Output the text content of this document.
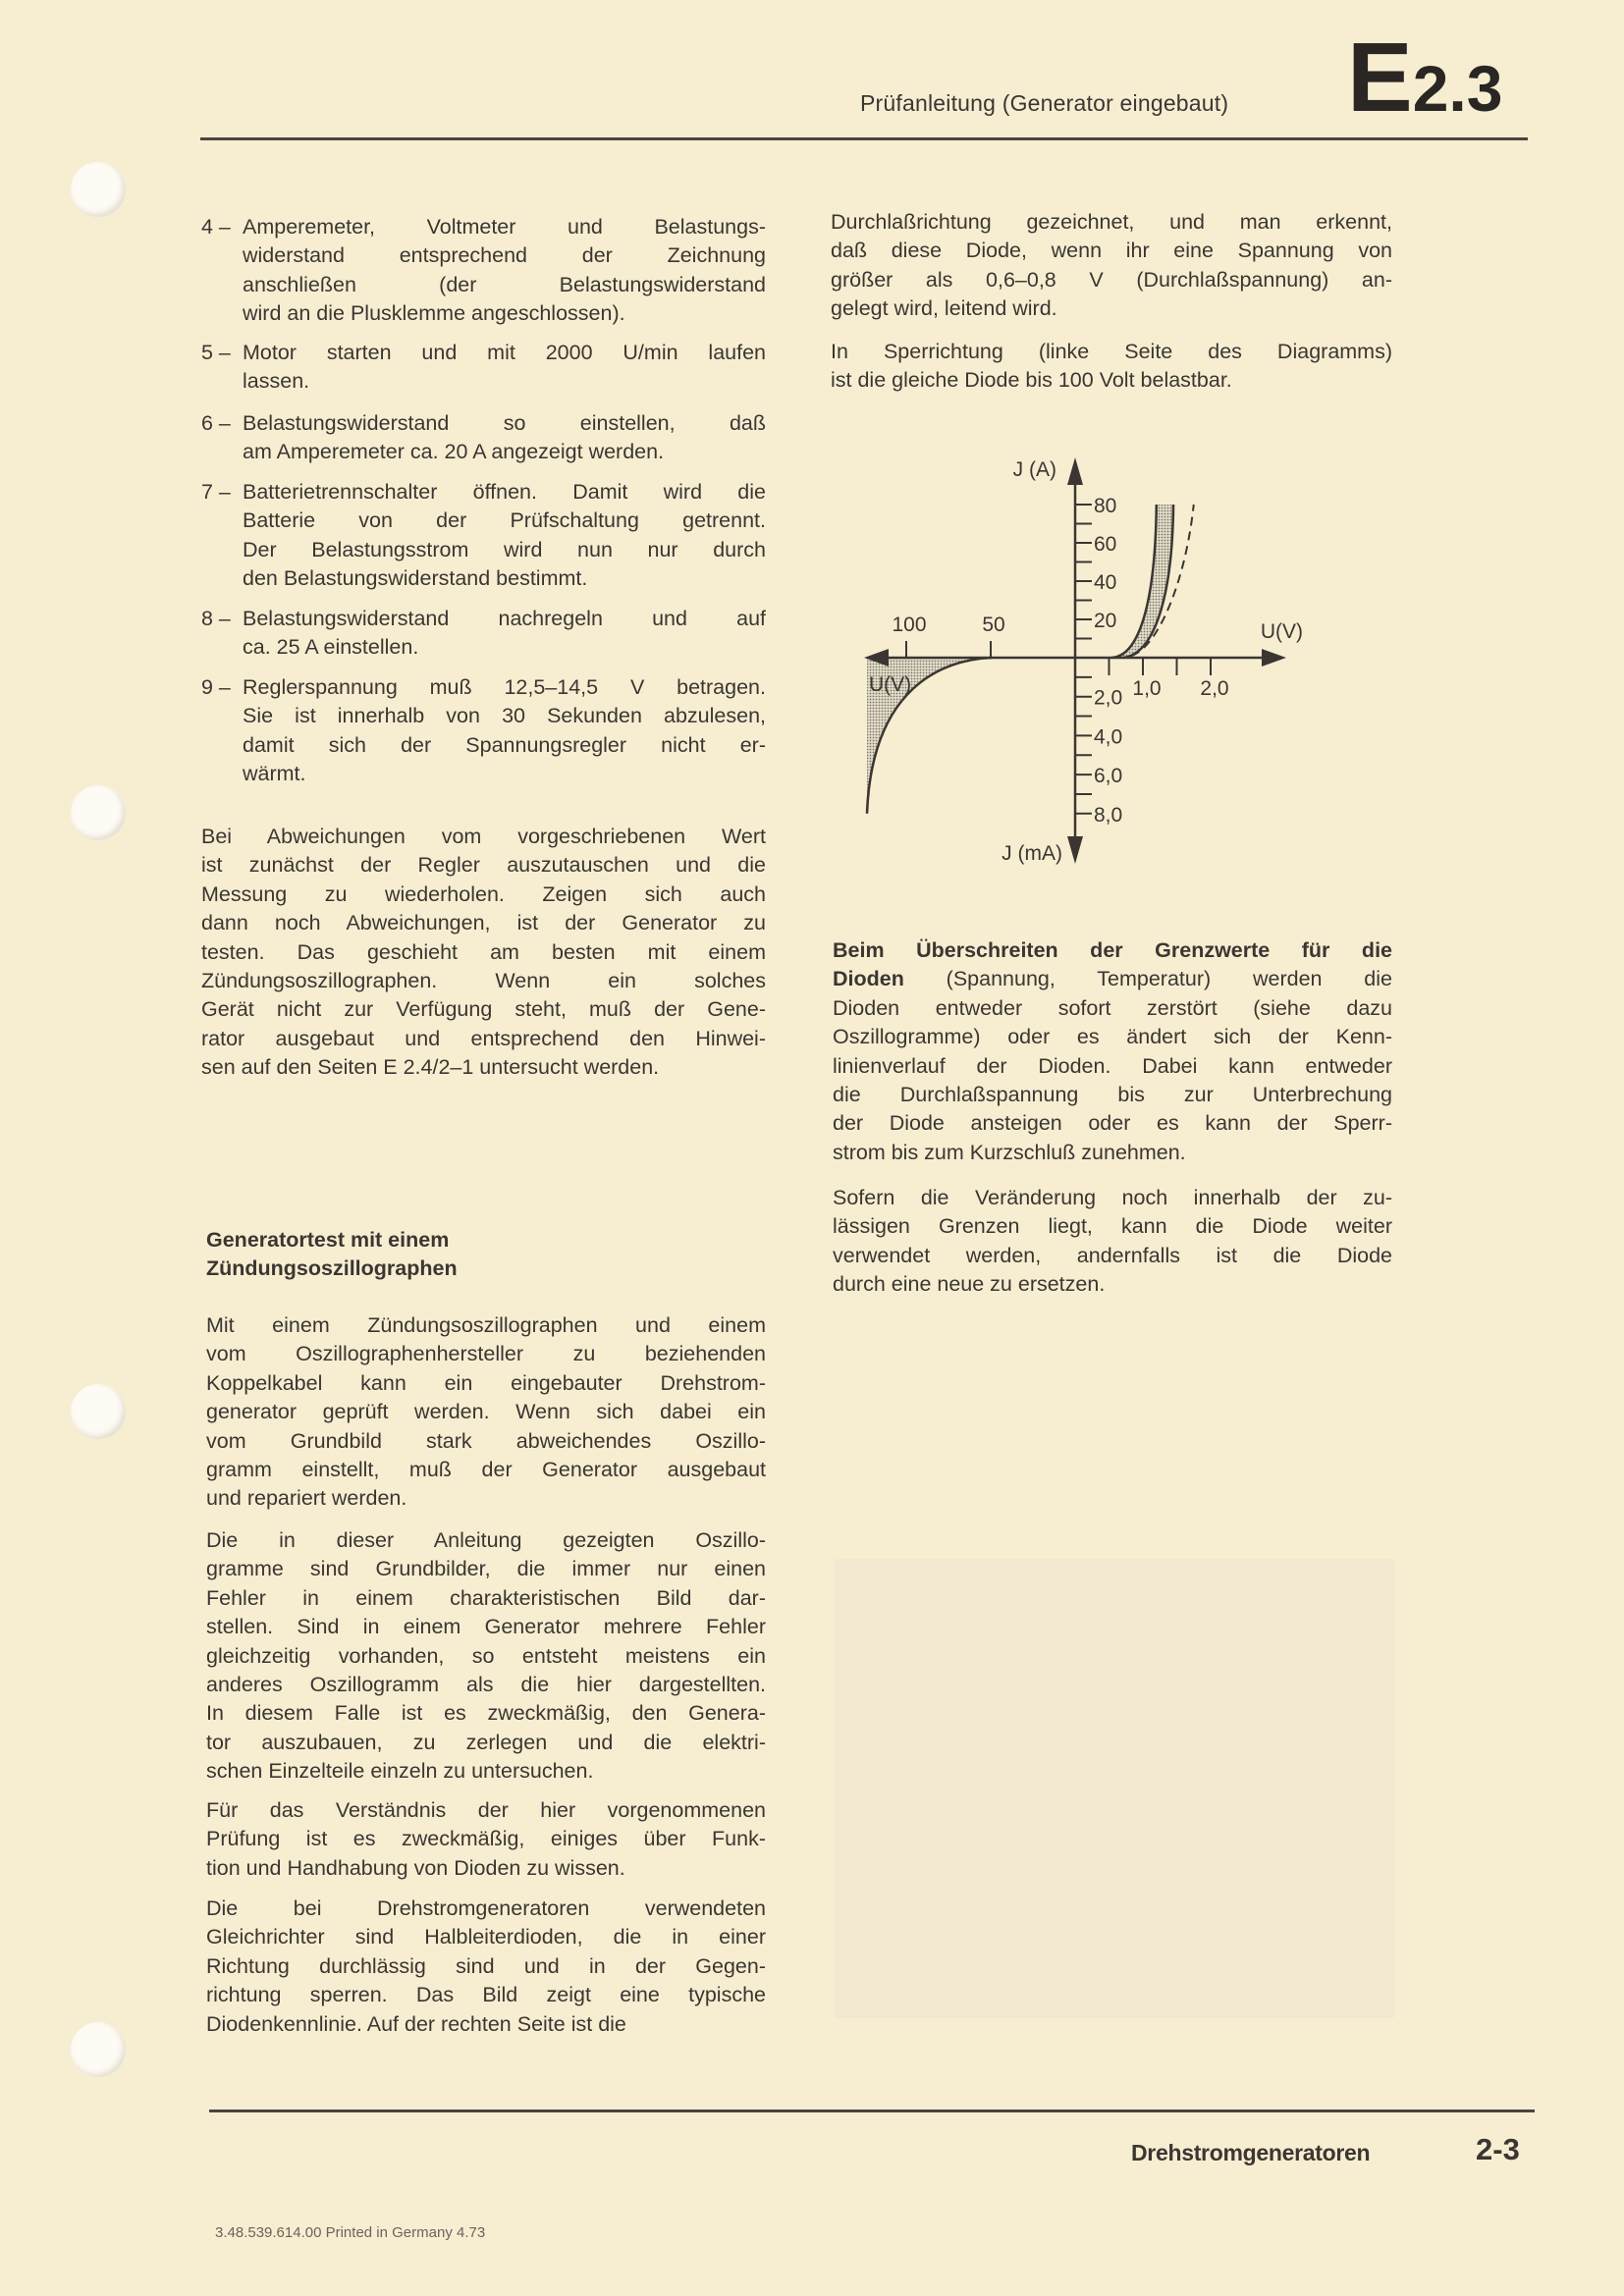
Prüfanleitung (Generator eingebaut) E2.3
4 – Amperemeter, Voltmeter und Belastungs-
widerstand entsprechend der Zeichnung
anschließen (der Belastungswiderstand
wird an die Plusklemme angeschlossen).
5 – Motor starten und mit 2000 U/min laufen
lassen.
6 – Belastungswiderstand so einstellen, daß
am Amperemeter ca. 20 A angezeigt werden.
7 – Batterietrennschalter öffnen. Damit wird die
Batterie von der Prüfschaltung getrennt.
Der Belastungsstrom wird nun nur durch
den Belastungswiderstand bestimmt.
8 – Belastungswiderstand nachregeln und auf
ca. 25 A einstellen.
9 – Reglerspannung muß 12,5–14,5 V betragen.
Sie ist innerhalb von 30 Sekunden abzulesen,
damit sich der Spannungsregler nicht er-
wärmt.
Bei Abweichungen vom vorgeschriebenen Wert
ist zunächst der Regler auszutauschen und die
Messung zu wiederholen. Zeigen sich auch
dann noch Abweichungen, ist der Generator zu
testen. Das geschieht am besten mit einem
Zündungsoszillographen. Wenn ein solches
Gerät nicht zur Verfügung steht, muß der Gene-
rator ausgebaut und entsprechend den Hinwei-
sen auf den Seiten E 2.4/2–1 untersucht werden.
Generatortest mit einem
Zündungsoszillographen
Mit einem Zündungsoszillographen und einem
vom Oszillographenhersteller zu beziehenden
Koppelkabel kann ein eingebauter Drehstrom-
generator geprüft werden. Wenn sich dabei ein
vom Grundbild stark abweichendes Oszillo-
gramm einstellt, muß der Generator ausgebaut
und repariert werden.
Die in dieser Anleitung gezeigten Oszillo-
gramme sind Grundbilder, die immer nur einen
Fehler in einem charakteristischen Bild dar-
stellen. Sind in einem Generator mehrere Fehler
gleichzeitig vorhanden, so entsteht meistens ein
anderes Oszillogramm als die hier dargestellten.
In diesem Falle ist es zweckmäßig, den Genera-
tor auszubauen, zu zerlegen und die elektri-
schen Einzelteile einzeln zu untersuchen.
Für das Verständnis der hier vorgenommenen
Prüfung ist es zweckmäßig, einiges über Funk-
tion und Handhabung von Dioden zu wissen.
Die bei Drehstromgeneratoren verwendeten
Gleichrichter sind Halbleiterdioden, die in einer
Richtung durchlässig sind und in der Gegen-
richtung sperren. Das Bild zeigt eine typische
Diodenkennlinie. Auf der rechten Seite ist die
Durchlaßrichtung gezeichnet, und man erkennt,
daß diese Diode, wenn ihr eine Spannung von
größer als 0,6–0,8 V (Durchlaßspannung) an-
gelegt wird, leitend wird.
In Sperrichtung (linke Seite des Diagramms)
ist die gleiche Diode bis 100 Volt belastbar.
Beim Überschreiten der Grenzwerte für die
Dioden (Spannung, Temperatur) werden die
Dioden entweder sofort zerstört (siehe dazu
Oszillogramme) oder es ändert sich der Kenn-
linienverlauf der Dioden. Dabei kann entweder
die Durchlaßspannung bis zur Unterbrechung
der Diode ansteigen oder es kann der Sperr-
strom bis zum Kurzschluß zunehmen.
Sofern die Veränderung noch innerhalb der zu-
lässigen Grenzen liegt, kann die Diode weiter
verwendet werden, andernfalls ist die Diode
durch eine neue zu ersetzen.
20
40
60
80
2,0
4,0
6,0
8,0
1,0 2,0
100	50
J (A)
J (mA)
U(V)
U(V)
Drehstromgeneratoren	2-3
3.48.539.614.00 Printed in Germany 4.73
